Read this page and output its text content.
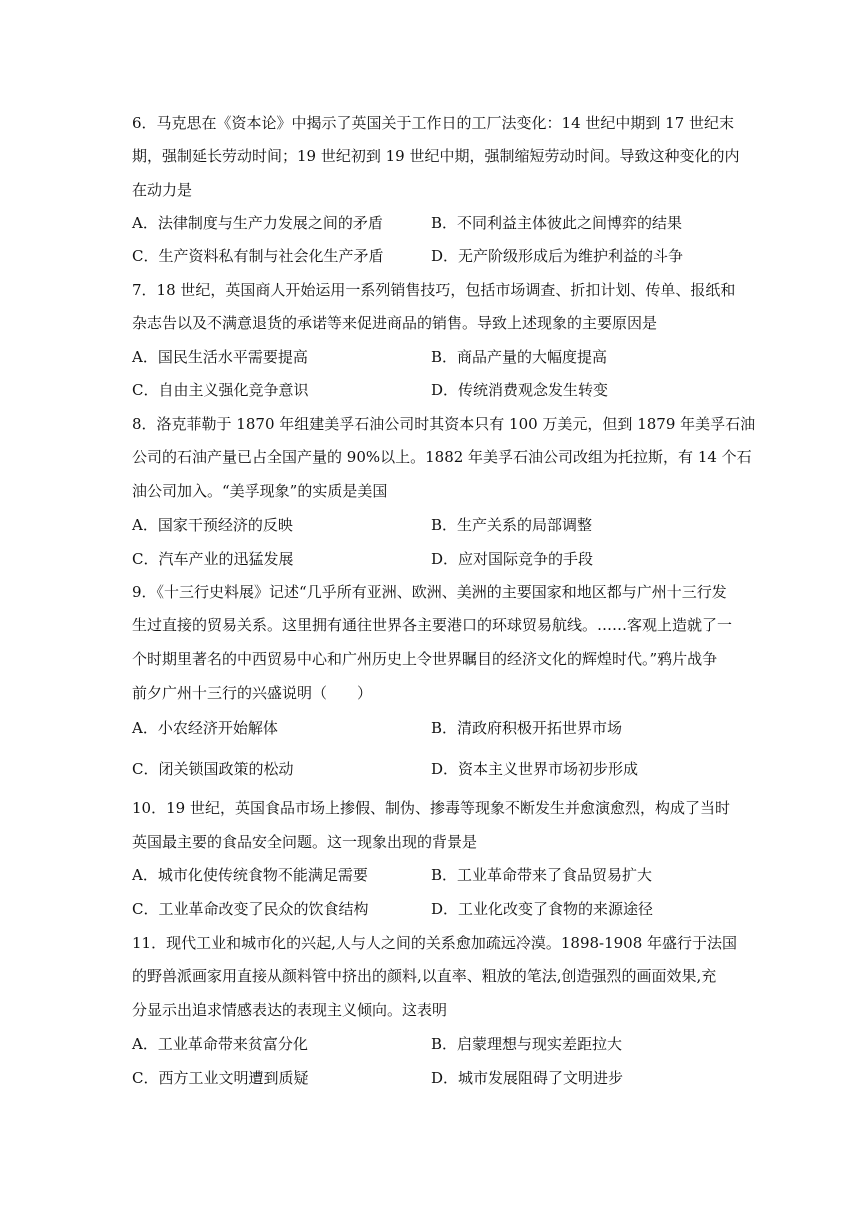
6．马克思在《资本论》中揭示了英国关于工作日的工厂法变化：14 世纪中期到 17 世纪末
期，强制延长劳动时间；19 世纪初到 19 世纪中期，强制缩短劳动时间。导致这种变化的内
在动力是
A．法律制度与生产力发展之间的矛盾	B．不同利益主体彼此之间博弈的结果
C．生产资料私有制与社会化生产矛盾	D．无产阶级形成后为维护利益的斗争
7．18 世纪，英国商人开始运用一系列销售技巧，包括市场调查、折扣计划、传单、报纸和
杂志告以及不满意退货的承诺等来促进商品的销售。导致上述现象的主要原因是
A．国民生活水平需要提高	B．商品产量的大幅度提高
C．自由主义强化竞争意识	D．传统消费观念发生转变
8．洛克菲勒于 1870 年组建美孚石油公司时其资本只有 100 万美元，但到 1879 年美孚石油
公司的石油产量已占全国产量的 90%以上。1882 年美孚石油公司改组为托拉斯，有 14 个石
油公司加入。“美孚现象”的实质是美国
A．国家干预经济的反映	B．生产关系的局部调整
C．汽车产业的迅猛发展	D．应对国际竞争的手段
9．《十三行史料展》记述“几乎所有亚洲、欧洲、美洲的主要国家和地区都与广州十三行发
生过直接的贸易关系。这里拥有通往世界各主要港口的环球贸易航线。……客观上造就了一
个时期里著名的中西贸易中心和广州历史上令世界瞩目的经济文化的辉煌时代。”鸦片战争
前夕广州十三行的兴盛说明（　　）
A．小农经济开始解体	B．清政府积极开拓世界市场
C．闭关锁国政策的松动	D．资本主义世界市场初步形成
10．19 世纪，英国食品市场上掺假、制伪、掺毒等现象不断发生并愈演愈烈，构成了当时
英国最主要的食品安全问题。这一现象出现的背景是
A．城市化使传统食物不能满足需要	B．工业革命带来了食品贸易扩大
C．工业革命改变了民众的饮食结构	D．工业化改变了食物的来源途径
11．现代工业和城市化的兴起,人与人之间的关系愈加疏远冷漠。1898-1908 年盛行于法国
的野兽派画家用直接从颜料管中挤出的颜料,以直率、粗放的笔法,创造强烈的画面效果,充
分显示出追求情感表达的表现主义倾向。这表明
A．工业革命带来贫富分化	B．启蒙理想与现实差距拉大
C．西方工业文明遭到质疑	D．城市发展阻碍了文明进步
